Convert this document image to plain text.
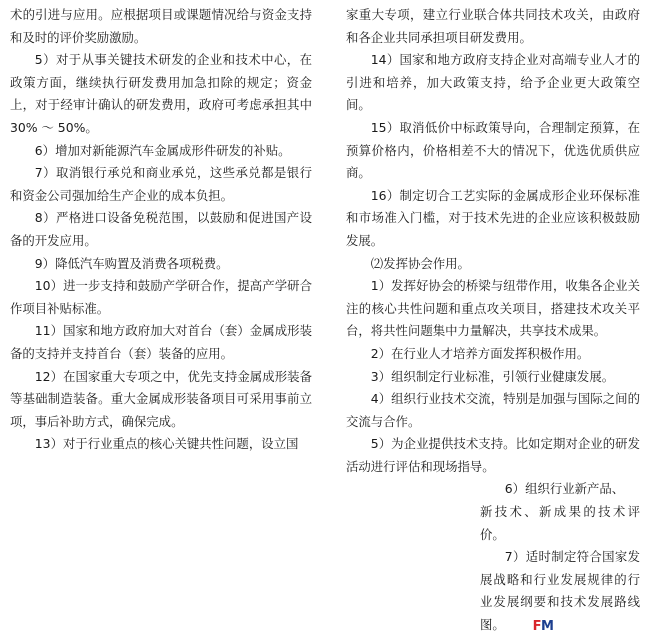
术的引进与应用。应根据项目或课题情况给与资金支持和及时的评价奖励激励。

5）对于从事关键技术研发的企业和技术中心，在政策方面，继续执行研发费用加急扣除的规定；资金上，对于经审计确认的研发费用，政府可考虑承担其中 30% ～ 50%。

6）增加对新能源汽车金属成形件研发的补贴。

7）取消银行承兑和商业承兑，这些承兑都是银行和资金公司强加给生产企业的成本负担。

8）严格进口设备免税范围，以鼓励和促进国产设备的开发应用。

9）降低汽车购置及消费各项税费。

10）进一步支持和鼓励产学研合作，提高产学研合作项目补贴标准。

11）国家和地方政府加大对首台（套）金属成形装备的支持并支持首台（套）装备的应用。

12）在国家重大专项之中，优先支持金属成形装备等基础制造装备。重大金属成形装备项目可采用事前立项，事后补助方式，确保完成。

13）对于行业重点的核心关键共性问题，设立国

家重大专项，建立行业联合体共同技术攻关，由政府和各企业共同承担项目研发费用。

14）国家和地方政府支持企业对高端专业人才的引进和培养，加大政策支持，给予企业更大政策空间。

15）取消低价中标政策导向，合理制定预算，在预算价格内，价格相差不大的情况下，优选优质供应商。

16）制定切合工艺实际的金属成形企业环保标准和市场准入门槛，对于技术先进的企业应该积极鼓励发展。

⑵发挥协会作用。

1）发挥好协会的桥梁与纽带作用，收集各企业关注的核心共性问题和重点攻关项目，搭建技术攻关平台，将共性问题集中力量解决，共享技术成果。

2）在行业人才培养方面发挥积极作用。

3）组织制定行业标准，引领行业健康发展。

4）组织行业技术交流，特别是加强与国际之间的交流与合作。

5）为企业提供技术支持。比如定期对企业的研发活动进行评估和现场指导。

6）组织行业新产品、

新技术、新成果的技术评价。

7）适时制定符合国家发展战略和行业发展规律的行业发展纲要和技术发展路线图。 FM
